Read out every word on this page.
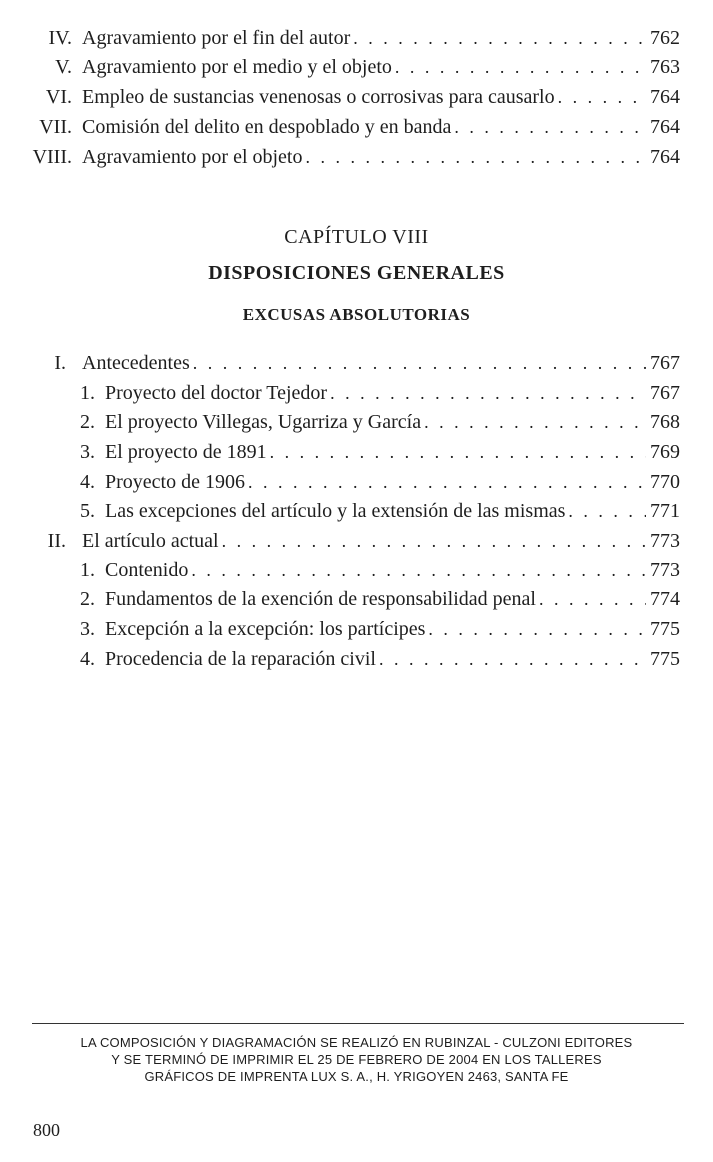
IV. Agravamiento por el fin del autor . . .	762
V. Agravamiento por el medio y el objeto . . .	763
VI. Empleo de sustancias venenosas o corrosivas para causarlo . . .	764
VII. Comisión del delito en despoblado y en banda . . .	764
VIII. Agravamiento por el objeto . . .	764
CAPÍTULO VIII
DISPOSICIONES GENERALES
EXCUSAS ABSOLUTORIAS
I. Antecedentes . . .	767
1. Proyecto del doctor Tejedor . . .	767
2. El proyecto Villegas, Ugarriza y García . . .	768
3. El proyecto de 1891 . . .	769
4. Proyecto de 1906 . . .	770
5. Las excepciones del artículo y la extensión de las mismas . . .	771
II. El artículo actual . . .	773
1. Contenido . . .	773
2. Fundamentos de la exención de responsabilidad penal . . .	774
3. Excepción a la excepción: los partícipes . . .	775
4. Procedencia de la reparación civil . . .	775
LA COMPOSICIÓN Y DIAGRAMACIÓN SE REALIZÓ EN RUBINZAL - CULZONI EDITORES
Y SE TERMINÓ DE IMPRIMIR EL 25 DE FEBRERO DE 2004 EN LOS TALLERES
GRÁFICOS DE IMPRENTA LUX S. A., H. YRIGOYEN 2463, SANTA FE
800
